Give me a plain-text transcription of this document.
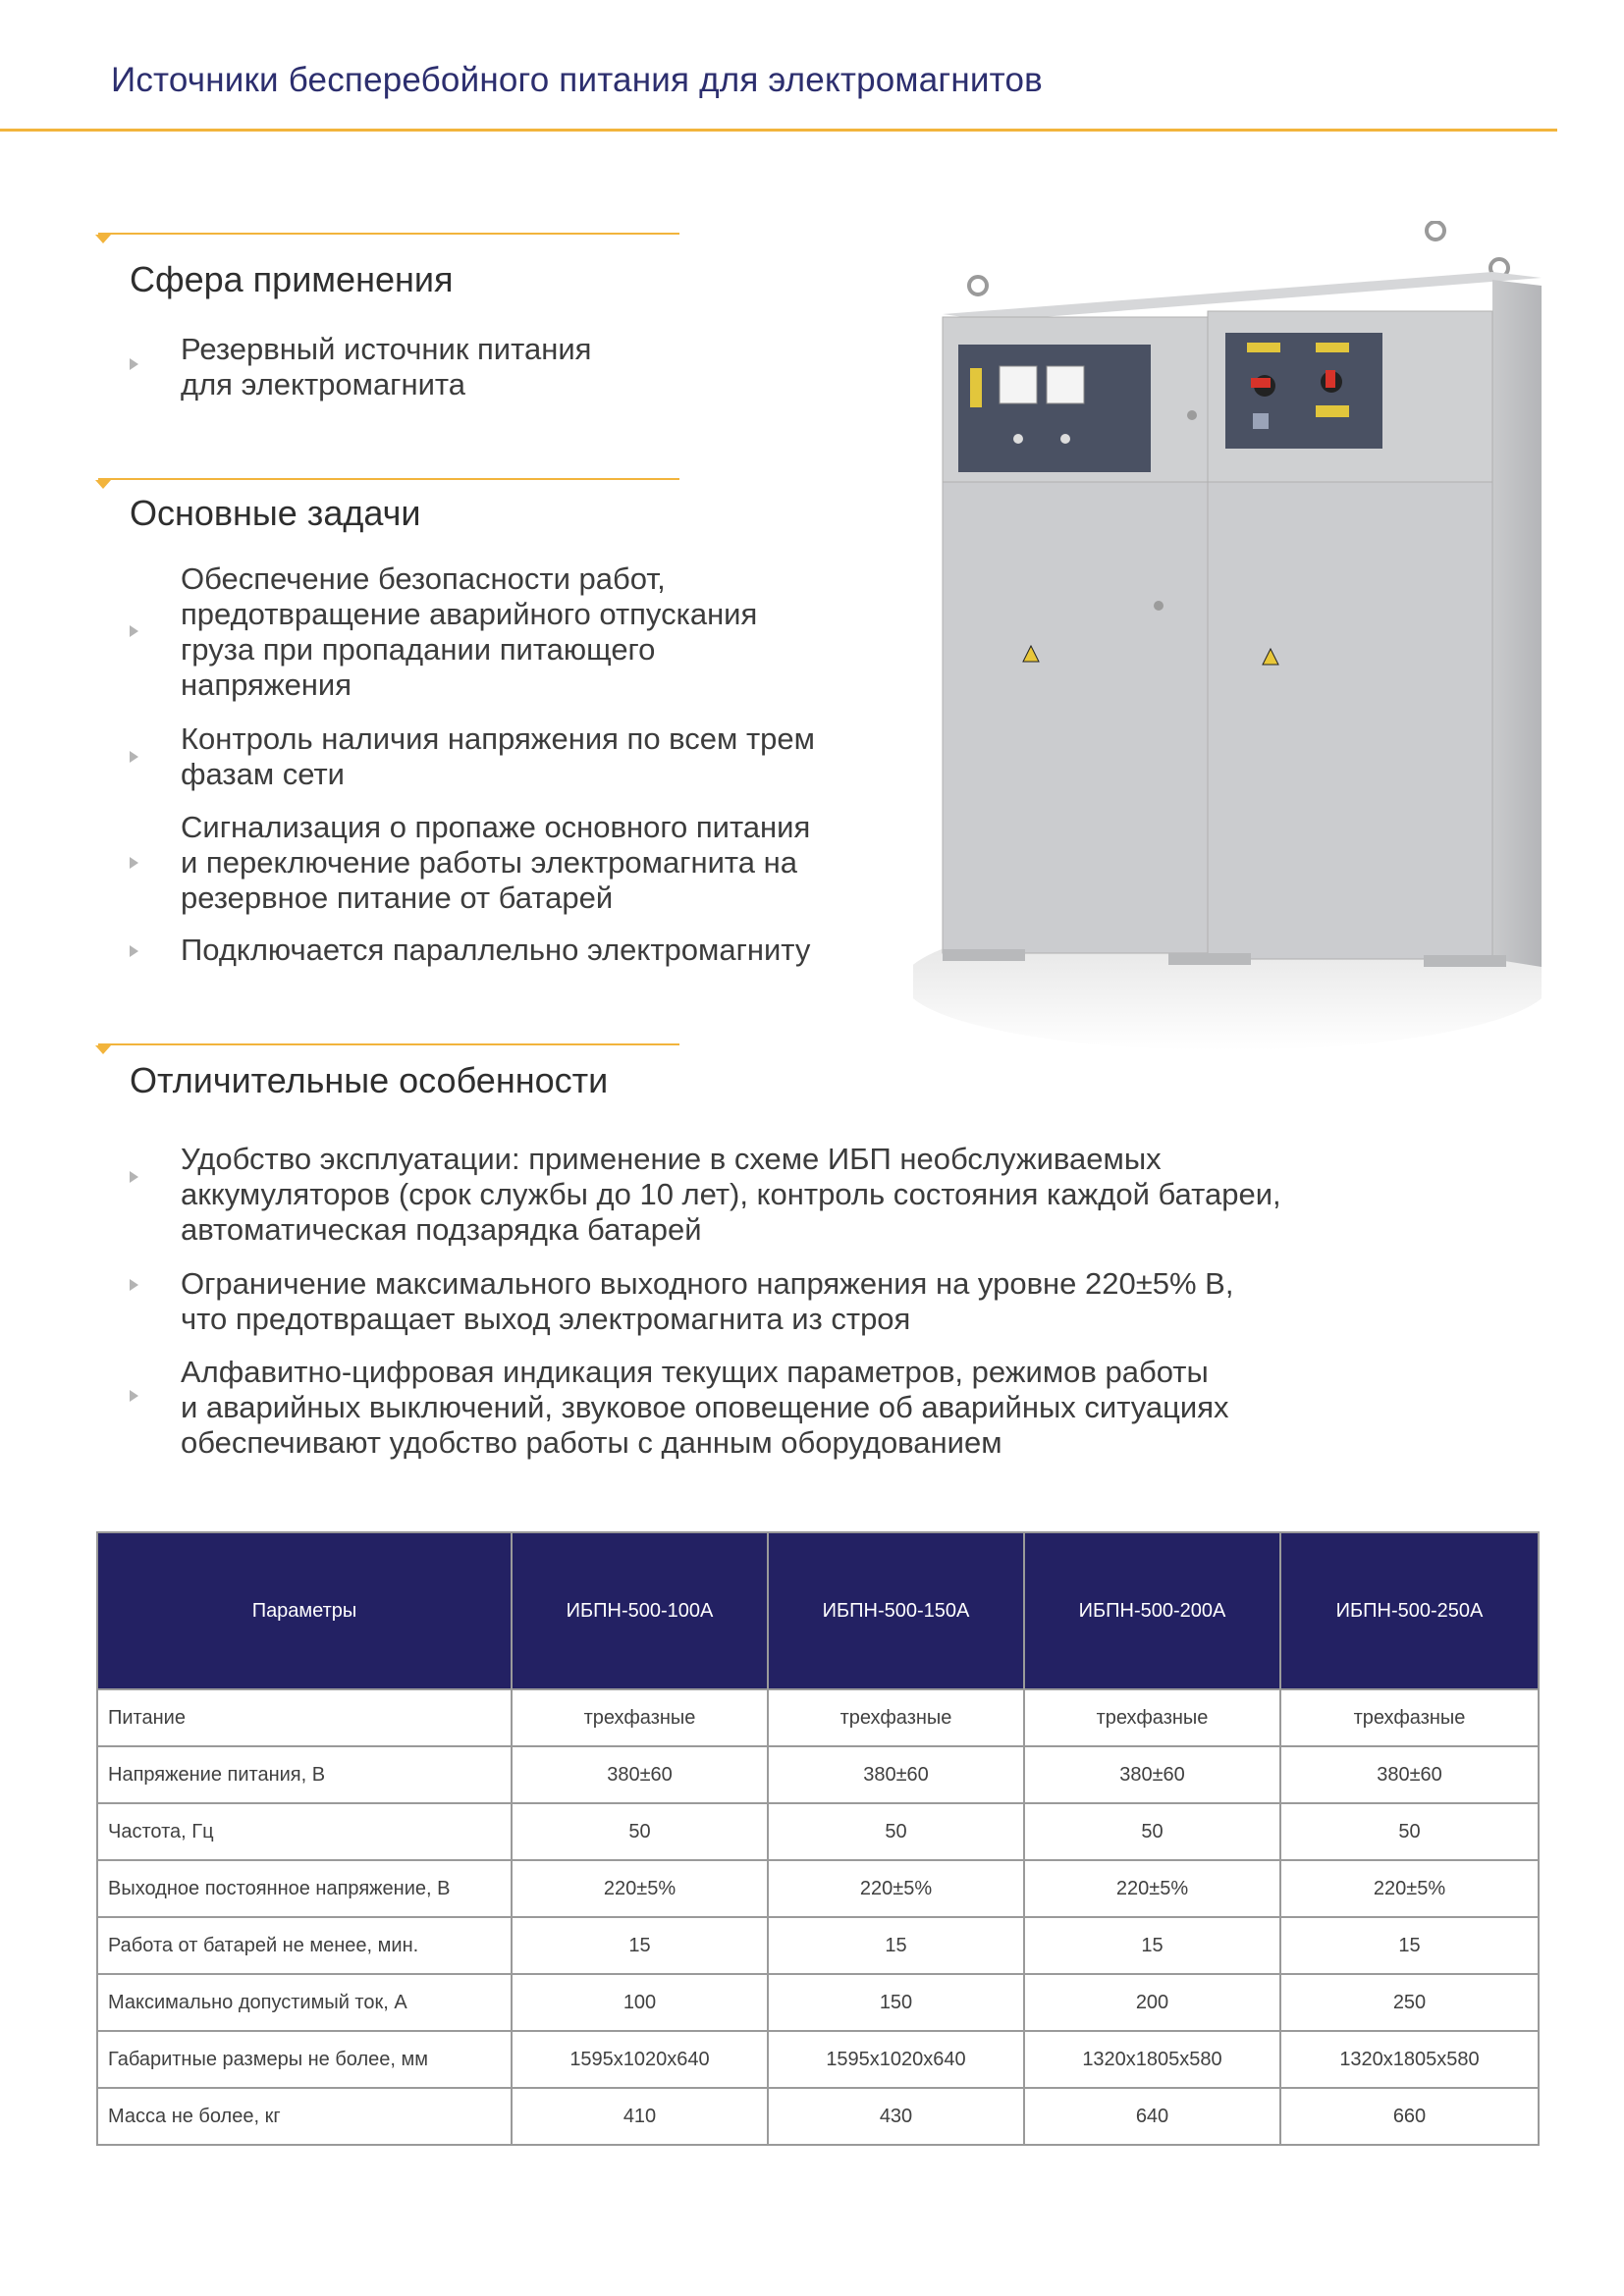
Источники бесперебойного питания для электромагнитов
Сфера применения
Резервный источник питания
для электромагнита
Основные задачи
Обеспечение безопасности работ,
предотвращение аварийного отпускания
груза при пропадании питающего
напряжения
Контроль наличия напряжения по всем трем
фазам сети
Сигнализация о пропаже основного питания
и переключение работы электромагнита на
резервное питание от батарей
Подключается параллельно электромагниту
Отличительные особенности
Удобство эксплуатации: применение в схеме ИБП необслуживаемых
аккумуляторов (срок службы до 10 лет), контроль состояния каждой батареи,
автоматическая подзарядка батарей
Ограничение максимального выходного напряжения на уровне 220±5% В,
что предотвращает выход электромагнита из строя
Алфавитно-цифровая индикация текущих параметров, режимов работы
и аварийных выключений, звуковое оповещение об аварийных ситуациях
обеспечивают удобство работы с данным оборудованием
Параметры	ИБПН-500-100А	ИБПН-500-150А	ИБПН-500-200А	ИБПН-500-250А
Питание	трехфазные	трехфазные	трехфазные	трехфазные
Напряжение питания, В	380±60	380±60	380±60	380±60
Частота, Гц	50	50	50	50
Выходное постоянное напряжение, В	220±5%	220±5%	220±5%	220±5%
Работа от батарей не менее, мин.	15	15	15	15
Максимально допустимый ток, А	100	150	200	250
Габаритные размеры не более, мм	1595x1020x640	1595x1020x640	1320x1805x580	1320x1805x580
Масса не более, кг	410	430	640	660
